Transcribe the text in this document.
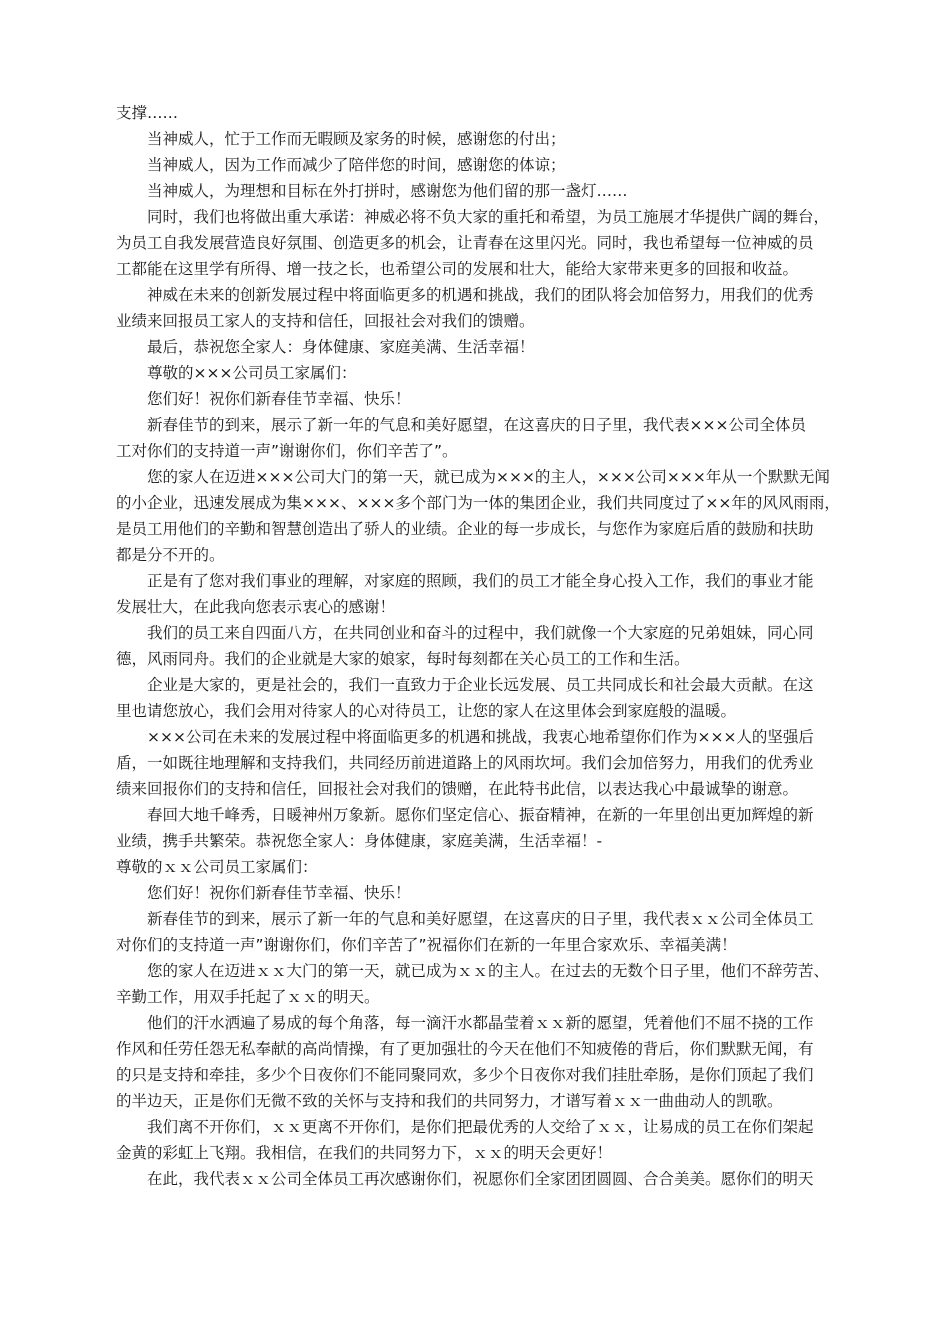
支撑……
当神威人，忙于工作而无暇顾及家务的时候，感谢您的付出；
当神威人，因为工作而减少了陪伴您的时间，感谢您的体谅；
当神威人，为理想和目标在外打拼时，感谢您为他们留的那一盏灯……
同时，我们也将做出重大承诺：神威必将不负大家的重托和希望，为员工施展才华提供广阔的舞台，
为员工自我发展营造良好氛围、创造更多的机会，让青春在这里闪光。同时，我也希望每一位神威的员
工都能在这里学有所得、增一技之长，也希望公司的发展和壮大，能给大家带来更多的回报和收益。
神威在未来的创新发展过程中将面临更多的机遇和挑战，我们的团队将会加倍努力，用我们的优秀
业绩来回报员工家人的支持和信任，回报社会对我们的馈赠。
最后，恭祝您全家人：身体健康、家庭美满、生活幸福！
尊敬的×××公司员工家属们：
您们好！祝你们新春佳节幸福、快乐！
新春佳节的到来，展示了新一年的气息和美好愿望，在这喜庆的日子里，我代表×××公司全体员
工对你们的支持道一声”谢谢你们，你们辛苦了”。
您的家人在迈进×××公司大门的第一天，就已成为×××的主人，×××公司×××年从一个默默无闻
的小企业，迅速发展成为集×××、×××多个部门为一体的集团企业，我们共同度过了××年的风风雨雨，
是员工用他们的辛勤和智慧创造出了骄人的业绩。企业的每一步成长，与您作为家庭后盾的鼓励和扶助
都是分不开的。
正是有了您对我们事业的理解，对家庭的照顾，我们的员工才能全身心投入工作，我们的事业才能
发展壮大，在此我向您表示衷心的感谢！
我们的员工来自四面八方，在共同创业和奋斗的过程中，我们就像一个大家庭的兄弟姐妹，同心同
德，风雨同舟。我们的企业就是大家的娘家，每时每刻都在关心员工的工作和生活。
企业是大家的，更是社会的，我们一直致力于企业长远发展、员工共同成长和社会最大贡献。在这
里也请您放心，我们会用对待家人的心对待员工，让您的家人在这里体会到家庭般的温暖。
×××公司在未来的发展过程中将面临更多的机遇和挑战，我衷心地希望你们作为×××人的坚强后
盾，一如既往地理解和支持我们，共同经历前进道路上的风雨坎坷。我们会加倍努力，用我们的优秀业
绩来回报你们的支持和信任，回报社会对我们的馈赠，在此特书此信，以表达我心中最诚挚的谢意。
春回大地千峰秀，日暖神州万象新。愿你们坚定信心、振奋精神，在新的一年里创出更加辉煌的新
业绩，携手共繁荣。恭祝您全家人：身体健康，家庭美满，生活幸福！-
尊敬的ｘｘ公司员工家属们：
您们好！祝你们新春佳节幸福、快乐！
新春佳节的到来，展示了新一年的气息和美好愿望，在这喜庆的日子里，我代表ｘｘ公司全体员工
对你们的支持道一声”谢谢你们，你们辛苦了”祝福你们在新的一年里合家欢乐、幸福美满！
您的家人在迈进ｘｘ大门的第一天，就已成为ｘｘ的主人。在过去的无数个日子里，他们不辞劳苦、
辛勤工作，用双手托起了ｘｘ的明天。
他们的汗水洒遍了易成的每个角落，每一滴汗水都晶莹着ｘｘ新的愿望，凭着他们不屈不挠的工作
作风和任劳任怨无私奉献的高尚情操，有了更加强壮的今天在他们不知疲倦的背后，你们默默无闻，有
的只是支持和牵挂，多少个日夜你们不能同聚同欢，多少个日夜你对我们挂肚牵肠，是你们顶起了我们
的半边天，正是你们无微不致的关怀与支持和我们的共同努力，才谱写着ｘｘ一曲曲动人的凯歌。
我们离不开你们，ｘｘ更离不开你们，是你们把最优秀的人交给了ｘｘ，让易成的员工在你们架起
金黄的彩虹上飞翔。我相信，在我们的共同努力下，ｘｘ的明天会更好！
在此，我代表ｘｘ公司全体员工再次感谢你们，祝愿你们全家团团圆圆、合合美美。愿你们的明天
